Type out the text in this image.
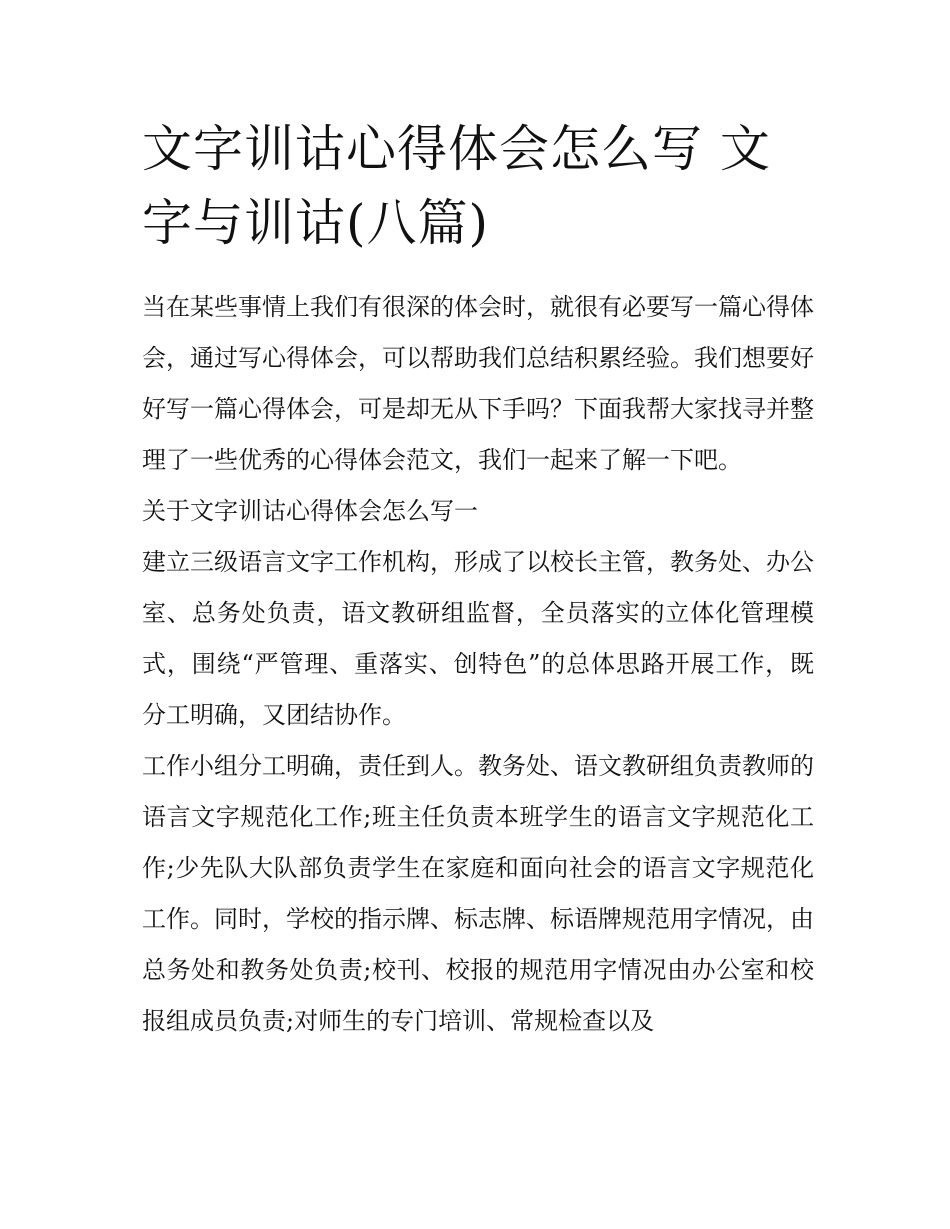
文字训诂心得体会怎么写 文字与训诂(八篇)

当在某些事情上我们有很深的体会时，就很有必要写一篇心得体会，通过写心得体会，可以帮助我们总结积累经验。我们想要好好写一篇心得体会，可是却无从下手吗？下面我帮大家找寻并整理了一些优秀的心得体会范文，我们一起来了解一下吧。

关于文字训诂心得体会怎么写一

建立三级语言文字工作机构，形成了以校长主管，教务处、办公室、总务处负责，语文教研组监督，全员落实的立体化管理模式，围绕“严管理、重落实、创特色”的总体思路开展工作，既分工明确，又团结协作。

工作小组分工明确，责任到人。教务处、语文教研组负责教师的语言文字规范化工作;班主任负责本班学生的语言文字规范化工作;少先队大队部负责学生在家庭和面向社会的语言文字规范化工作。同时，学校的指示牌、标志牌、标语牌规范用字情况，由总务处和教务处负责;校刊、校报的规范用字情况由办公室和校报组成员负责;对师生的专门培训、常规检查以及
